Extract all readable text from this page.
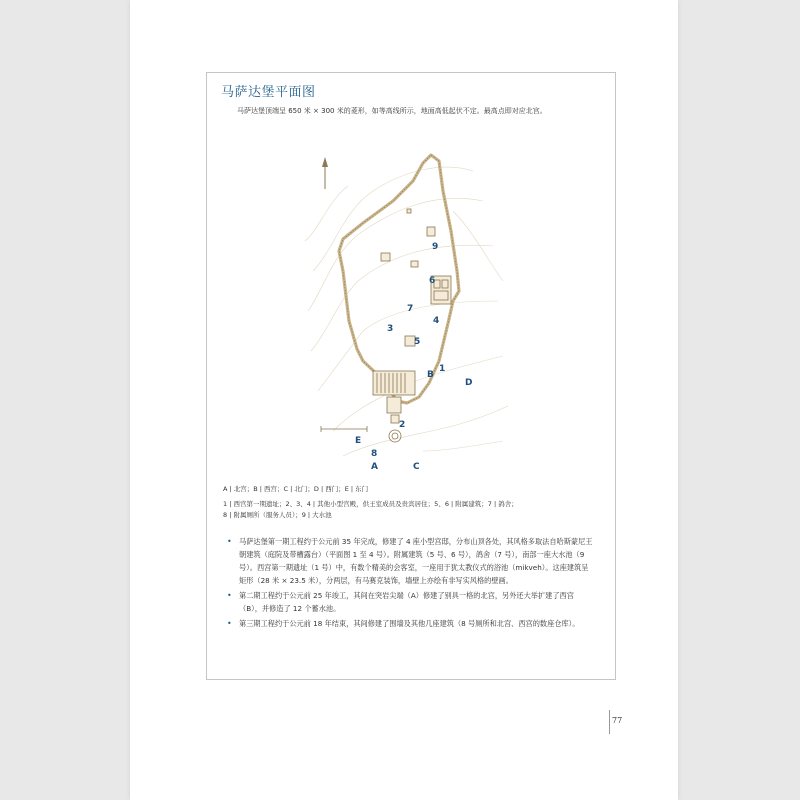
马萨达堡平面图
马萨达堡顶端呈 650 米 × 300 米的菱形，如等高线所示，地面高低起伏不定。最高点即对应北宫。
9
6
7
4
3
5
1
B
D
2
E
8
A	C
A | 北宫；B | 西宫；C | 北门；D | 西门；E | 东门
1 | 西宫第一期遗址；2、3、4 | 其他小型宫殿，供王室成员及贵宾居住；5、6 | 附属建筑；7 | 鸽舍；
8 | 附属厕所（服务人员）；9 | 大水池
• 马萨达堡第一期工程约于公元前 35 年完成，修建了 4 座小型宫邸，分布山顶各处，其风格多取法自哈斯蒙尼王朝建筑（庭院及带槽露台）（平面图 1 至 4 号）。附属建筑（5 号、6 号），鸽舍（7 号），南部一座大水池（9 号）。西宫第一期遗址（1 号）中，有数个精美的会客室，一座用于犹太教仪式的浴池（mikveh）。这座建筑呈矩形（28 米 × 23.5 米），分两层，有马赛克装饰，墙壁上亦绘有非写实风格的壁画。
• 第二期工程约于公元前 25 年竣工，其间在突岩尖端（A）修建了别具一格的北宫，另外还大举扩建了西宫（B），并修造了 12 个蓄水池。
• 第三期工程约于公元前 18 年结束，其间修建了围墙及其他几座建筑（8 号厕所和北宫、西宫的数座仓库）。
77
